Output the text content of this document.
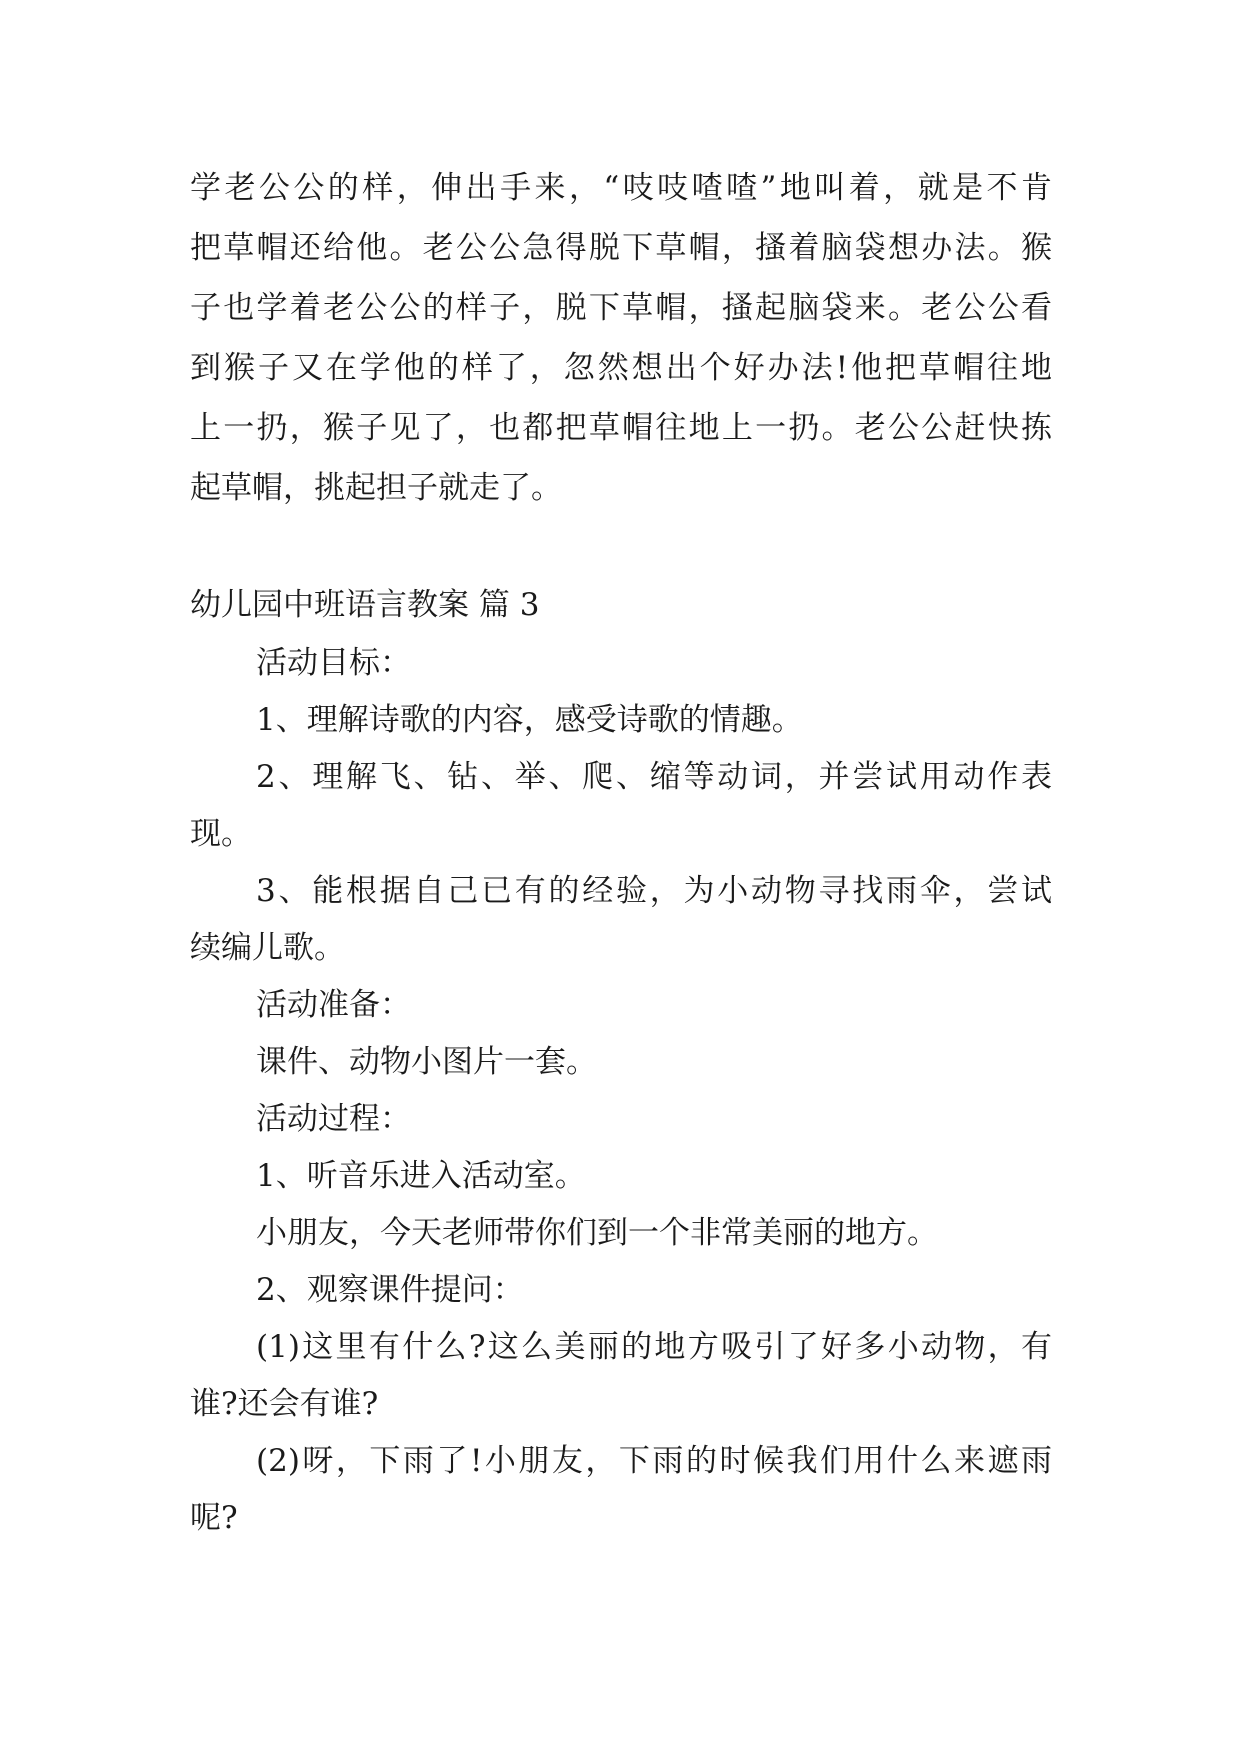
学老公公的样，伸出手来，“吱吱喳喳”地叫着，就是不肯
把草帽还给他。老公公急得脱下草帽，搔着脑袋想办法。猴
子也学着老公公的样子，脱下草帽，搔起脑袋来。老公公看
到猴子又在学他的样了，忽然想出个好办法!他把草帽往地
上一扔，猴子见了，也都把草帽往地上一扔。老公公赶快拣
起草帽，挑起担子就走了。
幼儿园中班语言教案 篇 3
活动目标：
1、理解诗歌的内容，感受诗歌的情趣。
2、理解飞、钻、举、爬、缩等动词，并尝试用动作表
现。
3、能根据自己已有的经验，为小动物寻找雨伞，尝试
续编儿歌。
活动准备：
课件、动物小图片一套。
活动过程：
1、听音乐进入活动室。
小朋友，今天老师带你们到一个非常美丽的地方。
2、观察课件提问：
(1)这里有什么?这么美丽的地方吸引了好多小动物，有
谁?还会有谁?
(2)呀，下雨了!小朋友，下雨的时候我们用什么来遮雨
呢?
